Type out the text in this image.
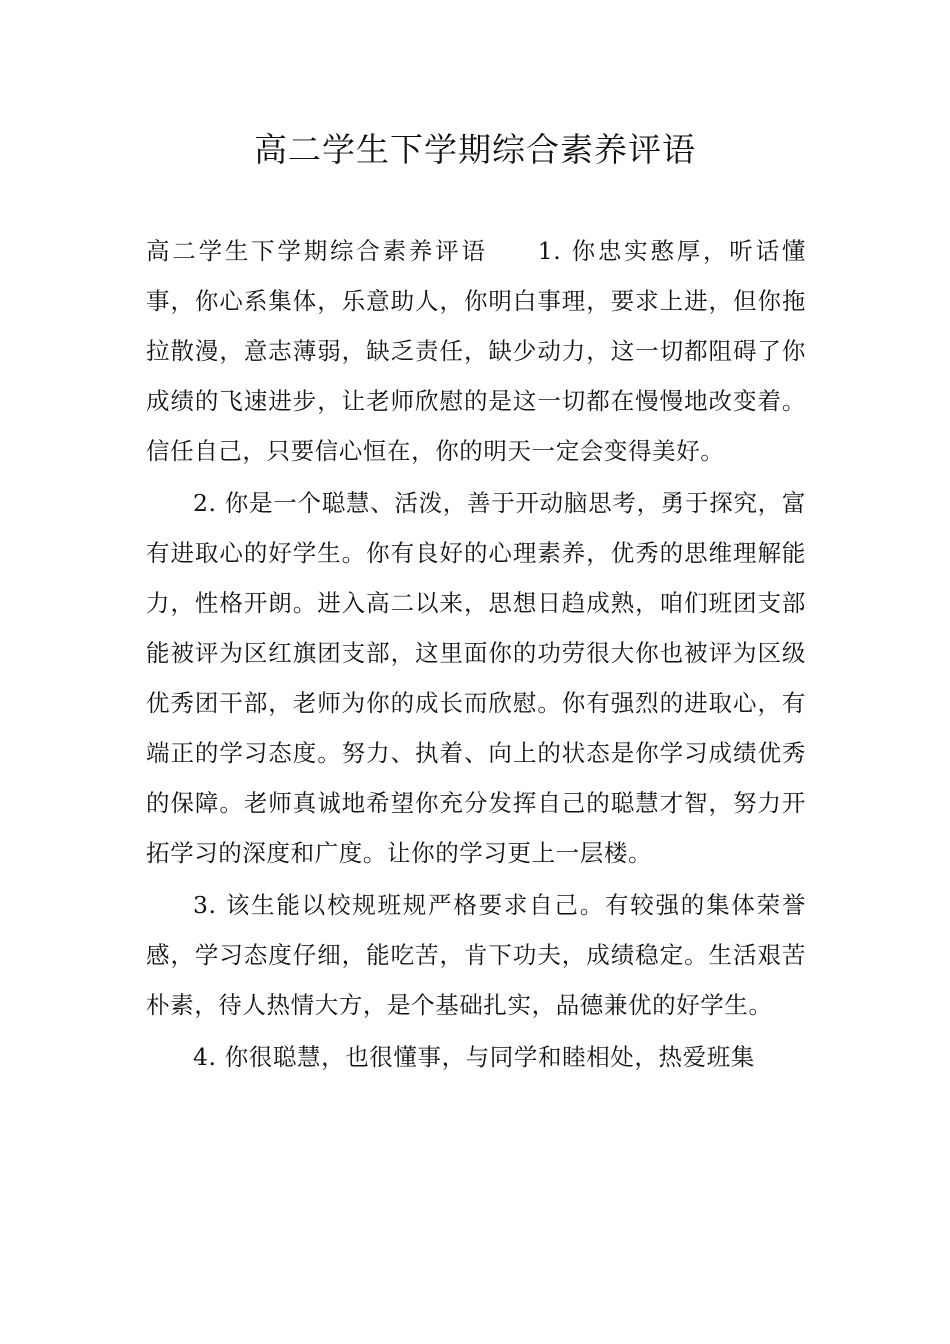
高二学生下学期综合素养评语

高二学生下学期综合素养评语 1. 你忠实憨厚，听话懂事，你心系集体，乐意助人，你明白事理，要求上进，但你拖拉散漫，意志薄弱，缺乏责任，缺少动力，这一切都阻碍了你成绩的飞速进步，让老师欣慰的是这一切都在慢慢地改变着。信任自己，只要信心恒在，你的明天一定会变得美好。

2. 你是一个聪慧、活泼，善于开动脑思考，勇于探究，富有进取心的好学生。你有良好的心理素养，优秀的思维理解能力，性格开朗。进入高二以来，思想日趋成熟，咱们班团支部能被评为区红旗团支部，这里面你的功劳很大你也被评为区级优秀团干部，老师为你的成长而欣慰。你有强烈的进取心，有端正的学习态度。努力、执着、向上的状态是你学习成绩优秀的保障。老师真诚地希望你充分发挥自己的聪慧才智，努力开拓学习的深度和广度。让你的学习更上一层楼。

3. 该生能以校规班规严格要求自己。有较强的集体荣誉感，学习态度仔细，能吃苦，肯下功夫，成绩稳定。生活艰苦朴素，待人热情大方，是个基础扎实，品德兼优的好学生。

4. 你很聪慧，也很懂事，与同学和睦相处，热爱班集
